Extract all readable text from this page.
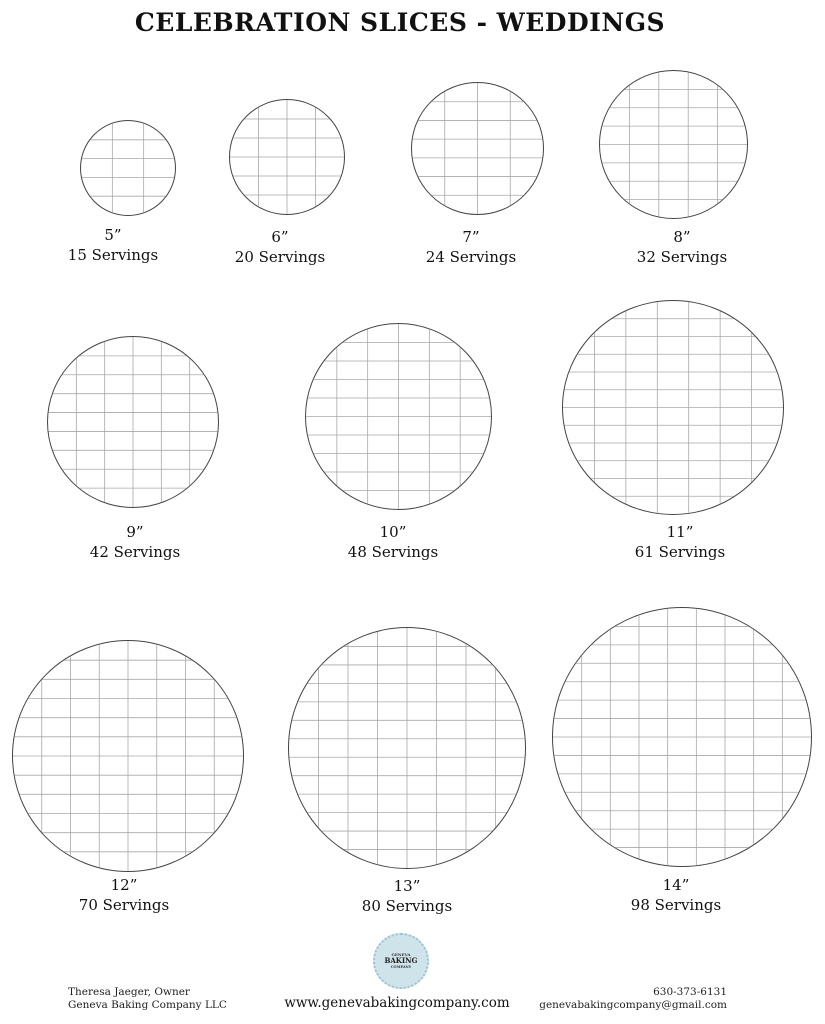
CELEBRATION SLICES - WEDDINGS
5”
15 Servings
6”
20 Servings
7”
24 Servings
8”
32 Servings
9”
42 Servings
10”
48 Servings
11”
61 Servings
12”
70 Servings
13”
80 Servings
14”
98 Servings
GENEVA
BAKING
COMPANY
Theresa Jaeger, Owner
Geneva Baking Company LLC	www.genevabakingcompany.com
630-373-6131
genevabakingcompany@gmail.com
